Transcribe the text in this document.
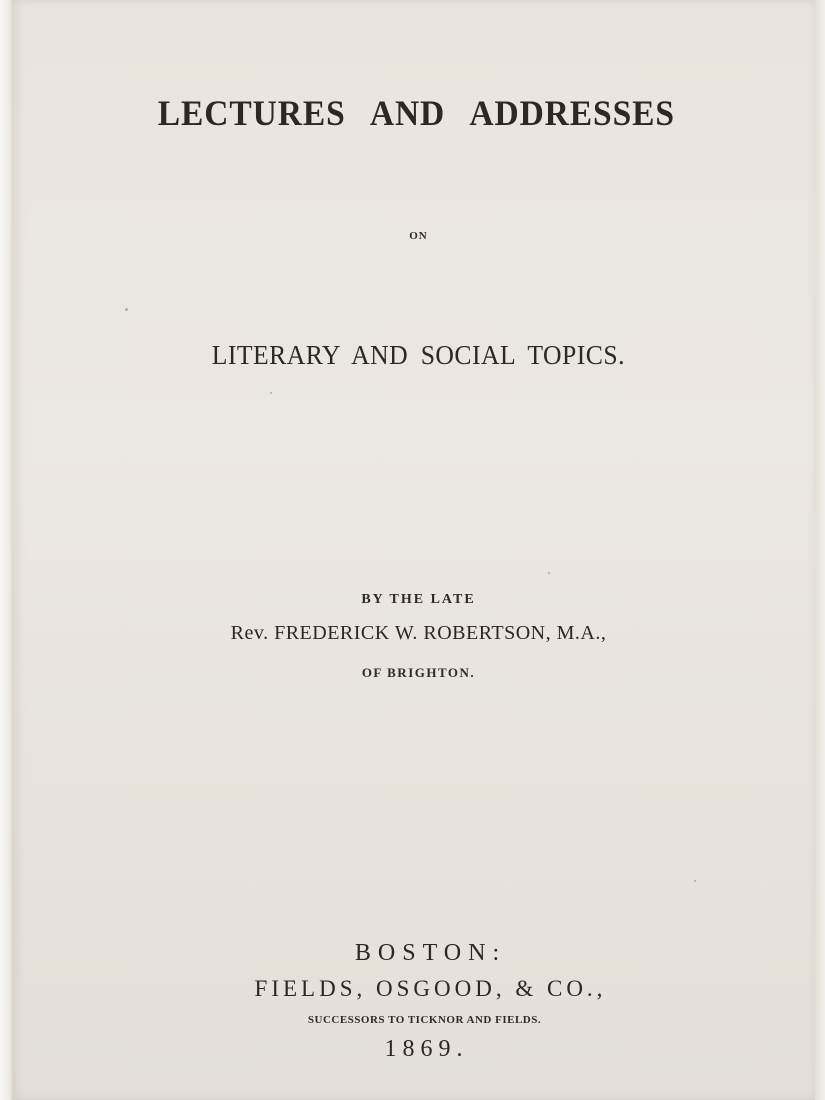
LECTURES AND ADDRESSES
ON
LITERARY AND SOCIAL TOPICS.
BY THE LATE
Rev. FREDERICK W. ROBERTSON, M.A.,
OF BRIGHTON.
BOSTON:
FIELDS, OSGOOD, & CO.,
SUCCESSORS TO TICKNOR AND FIELDS.
1869.
